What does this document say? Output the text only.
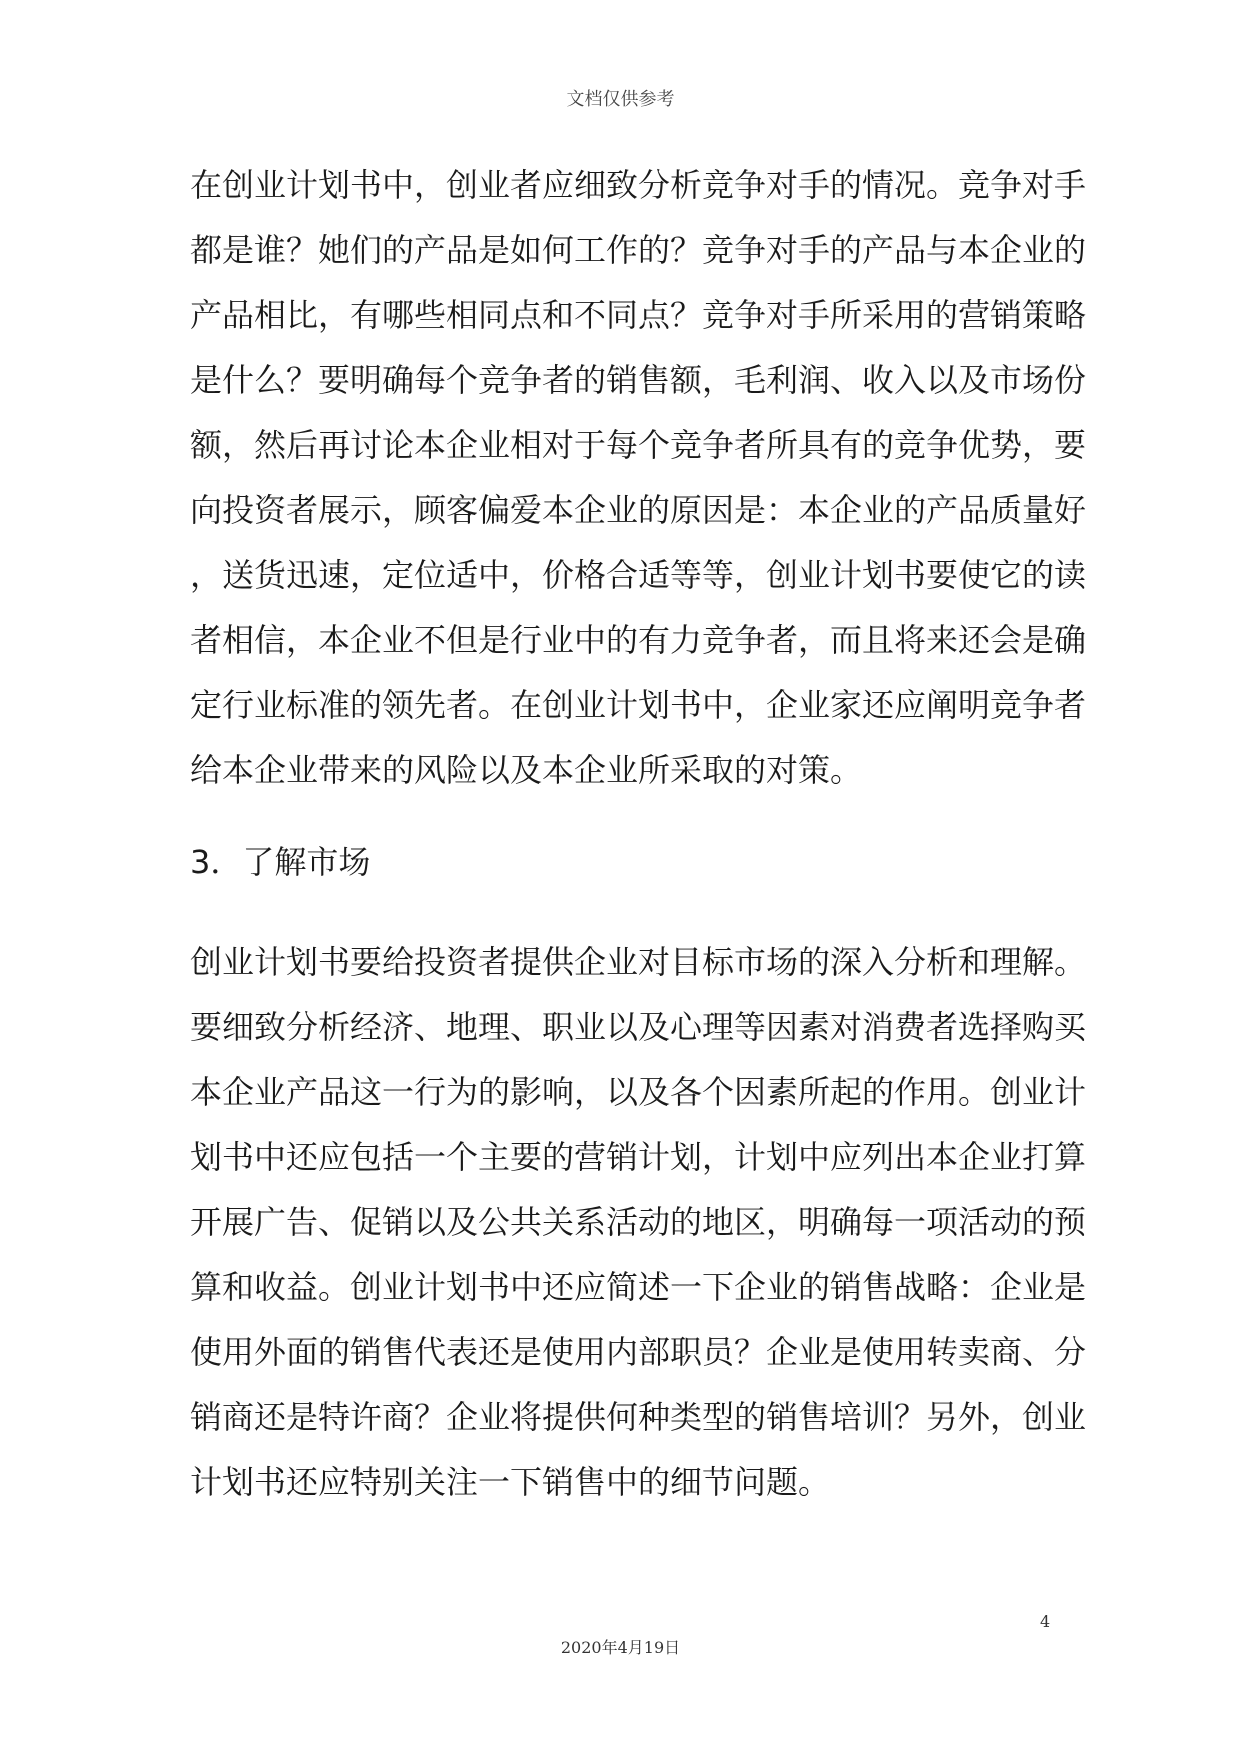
文档仅供参考
在创业计划书中，创业者应细致分析竞争对手的情况。竞争对手
都是谁？她们的产品是如何工作的？竞争对手的产品与本企业的
产品相比，有哪些相同点和不同点？竞争对手所采用的营销策略
是什么？要明确每个竞争者的销售额，毛利润、收入以及市场份
额，然后再讨论本企业相对于每个竞争者所具有的竞争优势，要
向投资者展示，顾客偏爱本企业的原因是：本企业的产品质量好
，送货迅速，定位适中，价格合适等等，创业计划书要使它的读
者相信，本企业不但是行业中的有力竞争者，而且将来还会是确
定行业标准的领先者。在创业计划书中，企业家还应阐明竞争者
给本企业带来的风险以及本企业所采取的对策。
3．了解市场
创业计划书要给投资者提供企业对目标市场的深入分析和理解。
要细致分析经济、地理、职业以及心理等因素对消费者选择购买
本企业产品这一行为的影响，以及各个因素所起的作用。创业计
划书中还应包括一个主要的营销计划，计划中应列出本企业打算
开展广告、促销以及公共关系活动的地区，明确每一项活动的预
算和收益。创业计划书中还应简述一下企业的销售战略：企业是
使用外面的销售代表还是使用内部职员？企业是使用转卖商、分
销商还是特许商？企业将提供何种类型的销售培训？另外，创业
计划书还应特别关注一下销售中的细节问题。
4
2020年4月19日
